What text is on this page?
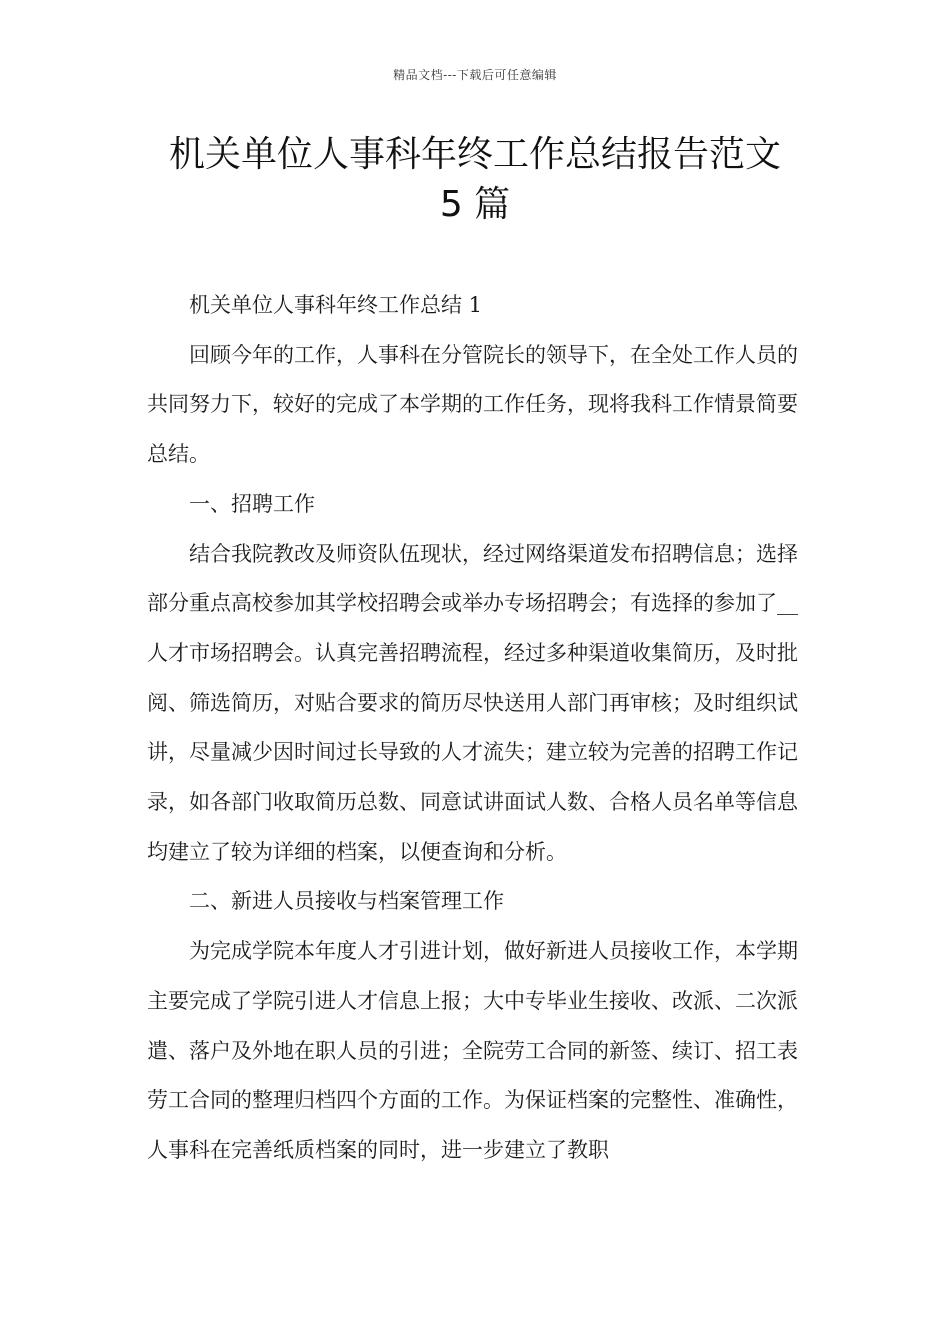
精品文档---下载后可任意编辑
机关单位人事科年终工作总结报告范文
5 篇

机关单位人事科年终工作总结 1

回顾今年的工作，人事科在分管院长的领导下，在全处工作人员的共同努力下，较好的完成了本学期的工作任务，现将我科工作情景简要总结。

一、招聘工作

结合我院教改及师资队伍现状，经过网络渠道发布招聘信息；选择部分重点高校参加其学校招聘会或举办专场招聘会；有选择的参加了__人才市场招聘会。认真完善招聘流程，经过多种渠道收集简历，及时批阅、筛选简历，对贴合要求的简历尽快送用人部门再审核；及时组织试讲，尽量减少因时间过长导致的人才流失；建立较为完善的招聘工作记录，如各部门收取简历总数、同意试讲面试人数、合格人员名单等信息均建立了较为详细的档案，以便查询和分析。

二、新进人员接收与档案管理工作

为完成学院本年度人才引进计划，做好新进人员接收工作，本学期主要完成了学院引进人才信息上报；大中专毕业生接收、改派、二次派遣、落户及外地在职人员的引进；全院劳工合同的新签、续订、招工表劳工合同的整理归档四个方面的工作。为保证档案的完整性、准确性，人事科在完善纸质档案的同时，进一步建立了教职
